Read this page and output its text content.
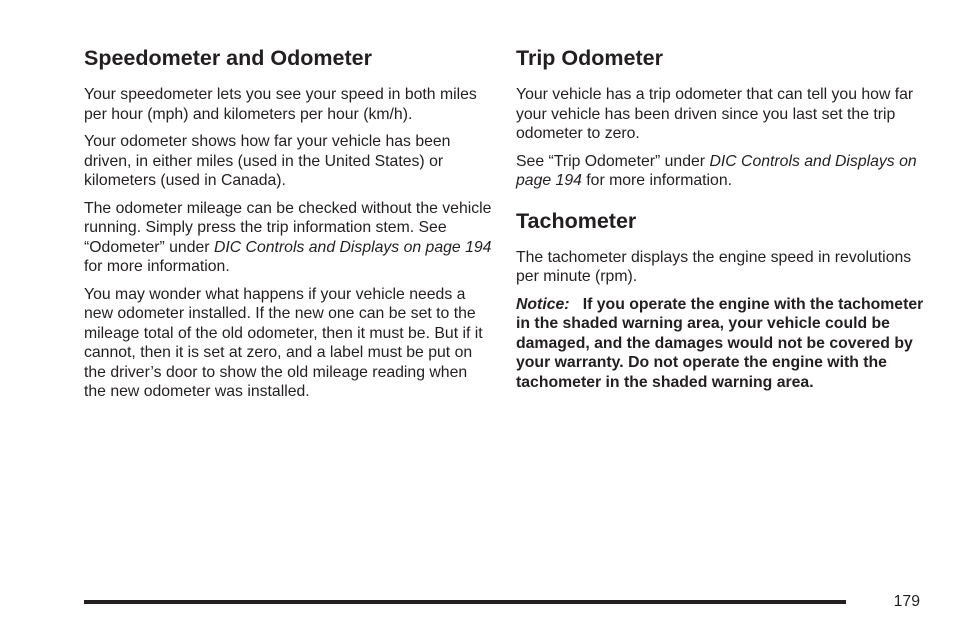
Speedometer and Odometer

Your speedometer lets you see your speed in both miles per hour (mph) and kilometers per hour (km/h).

Your odometer shows how far your vehicle has been driven, in either miles (used in the United States) or kilometers (used in Canada).

The odometer mileage can be checked without the vehicle running. Simply press the trip information stem. See “Odometer” under DIC Controls and Displays on page 194 for more information.

You may wonder what happens if your vehicle needs a new odometer installed. If the new one can be set to the mileage total of the old odometer, then it must be. But if it cannot, then it is set at zero, and a label must be put on the driver’s door to show the old mileage reading when the new odometer was installed.

Trip Odometer

Your vehicle has a trip odometer that can tell you how far your vehicle has been driven since you last set the trip odometer to zero.

See “Trip Odometer” under DIC Controls and Displays on page 194 for more information.

Tachometer

The tachometer displays the engine speed in revolutions per minute (rpm).

Notice: If you operate the engine with the tachometer in the shaded warning area, your vehicle could be damaged, and the damages would not be covered by your warranty. Do not operate the engine with the tachometer in the shaded warning area.

179
